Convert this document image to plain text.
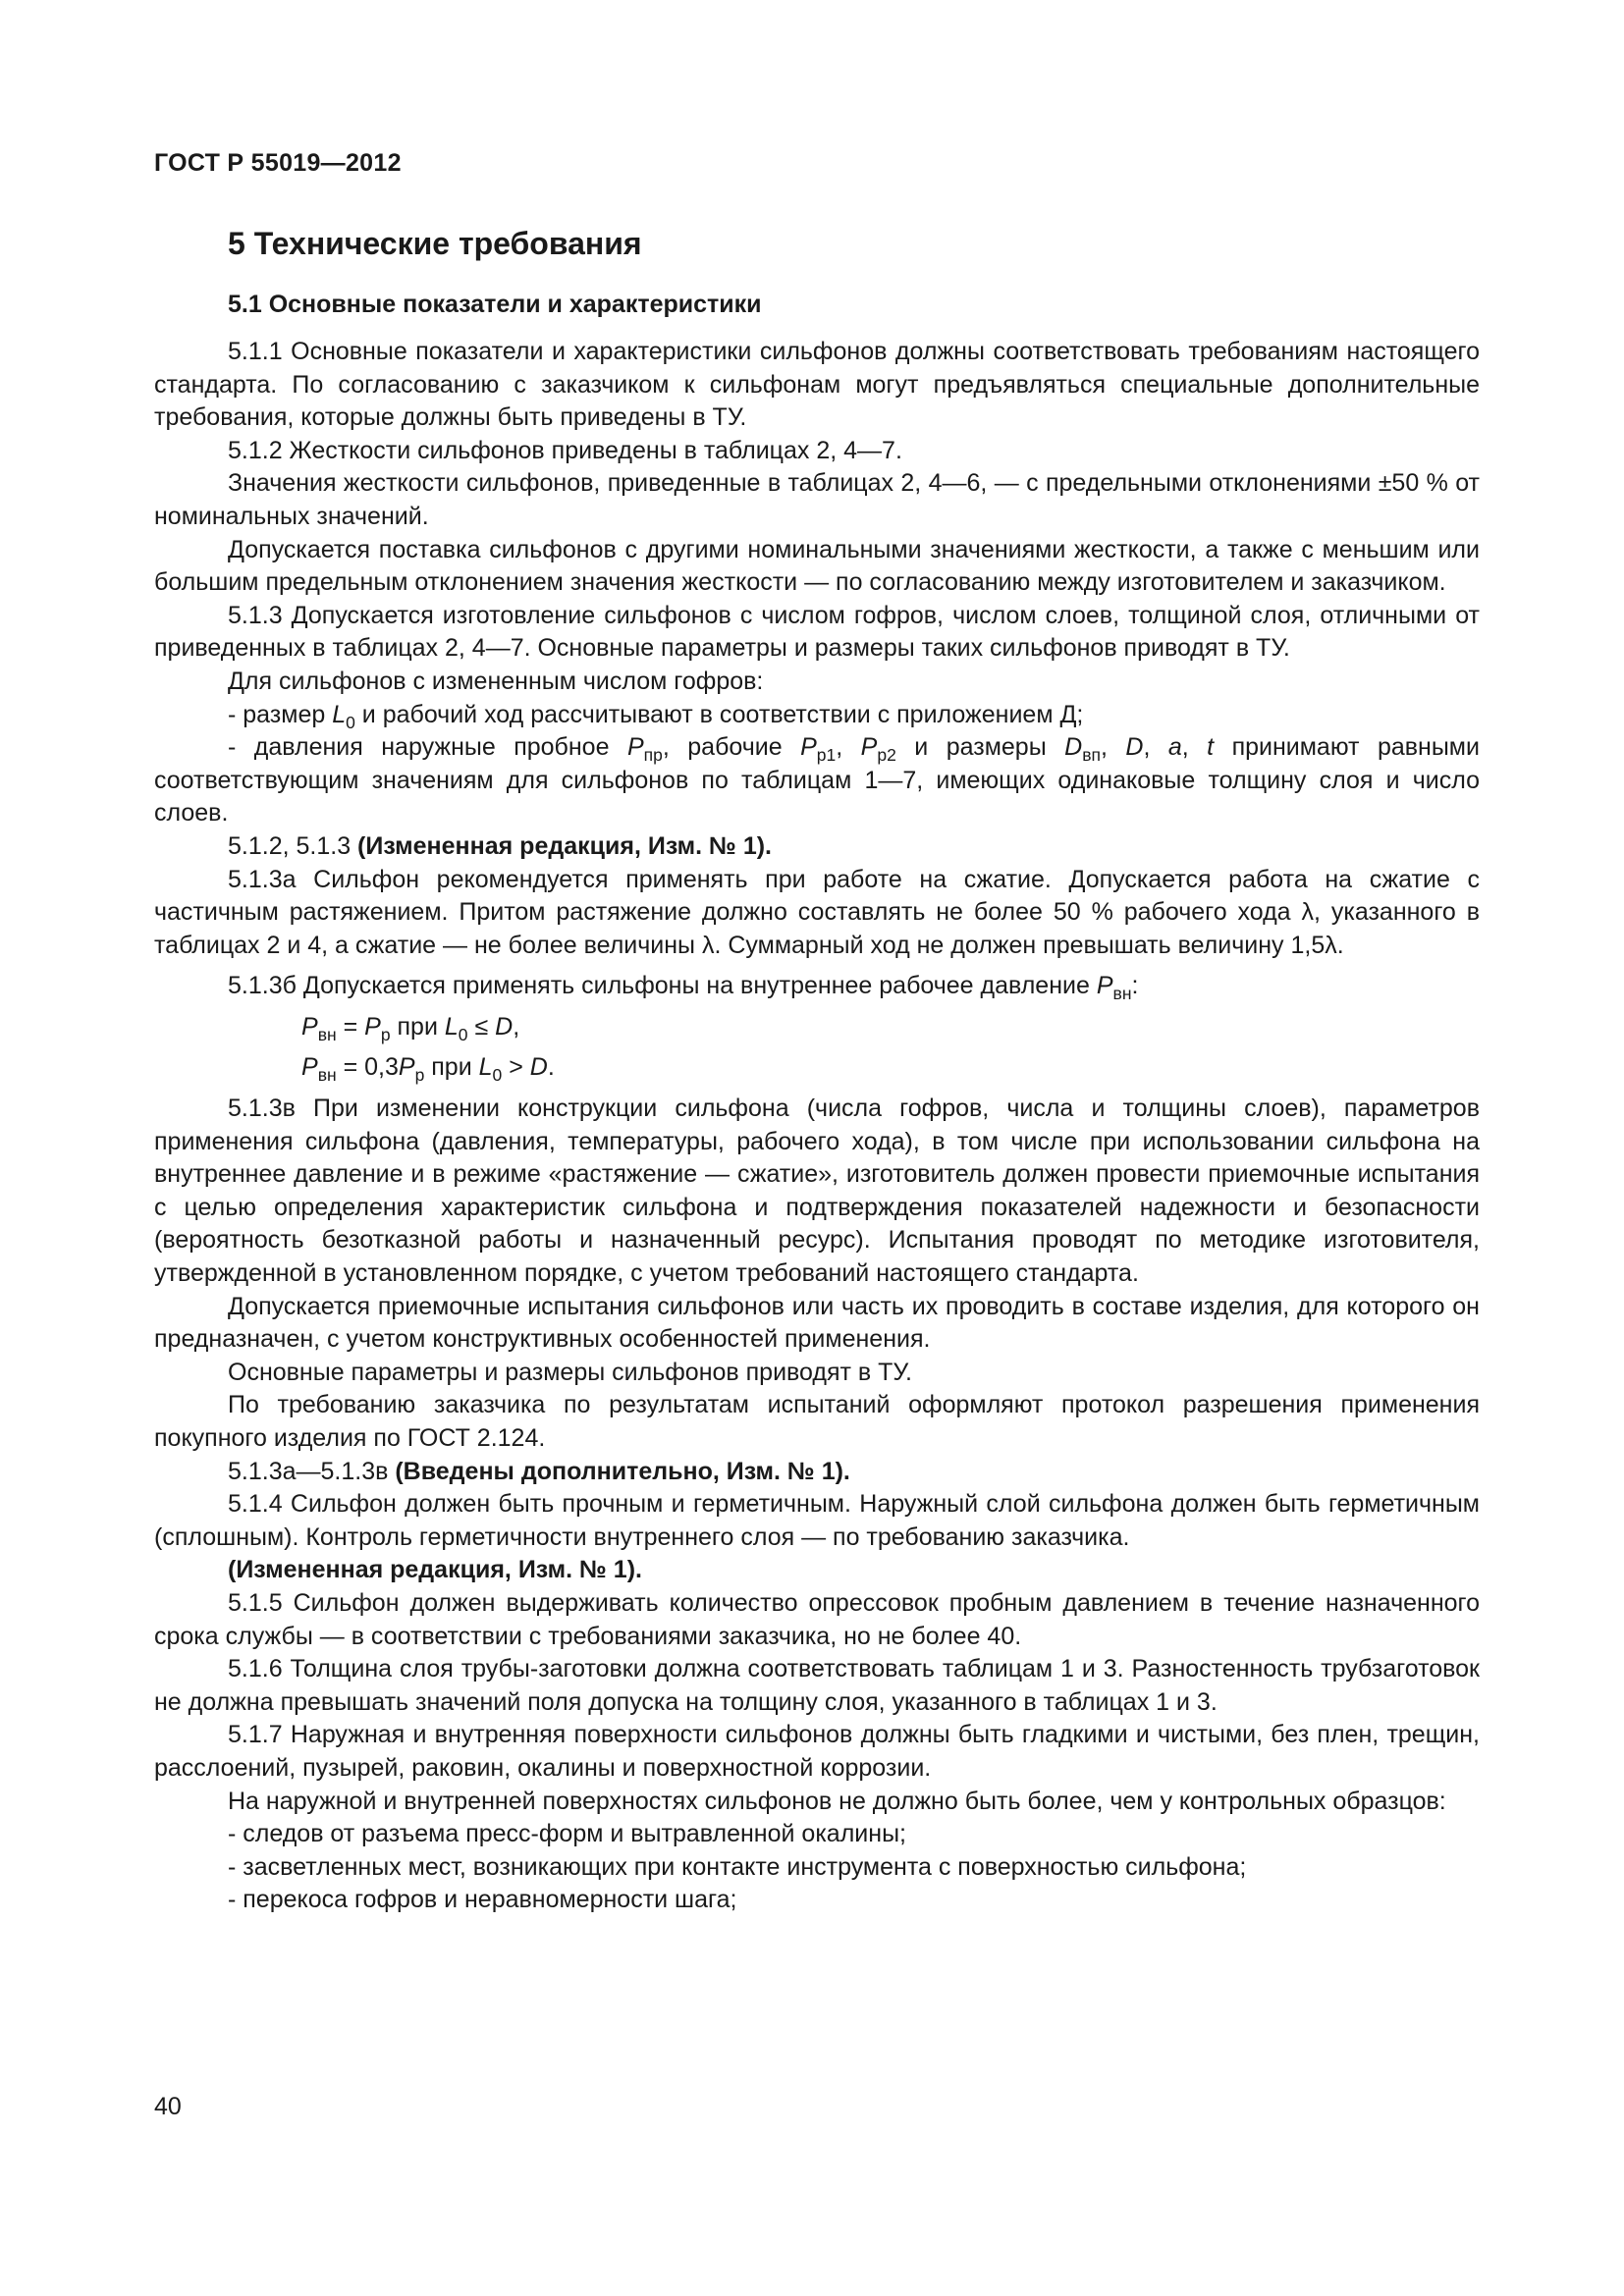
ГОСТ Р 55019—2012
5 Технические требования
5.1 Основные показатели и характеристики

5.1.1 Основные показатели и характеристики сильфонов должны соответствовать требованиям настоящего стандарта. По согласованию с заказчиком к сильфонам могут предъявляться специальные дополнительные требования, которые должны быть приведены в ТУ.

5.1.2 Жесткости сильфонов приведены в таблицах 2, 4—7.

Значения жесткости сильфонов, приведенные в таблицах 2, 4—6, — с предельными отклонениями ±50 % от номинальных значений.

Допускается поставка сильфонов с другими номинальными значениями жесткости, а также с меньшим или большим предельным отклонением значения жесткости — по согласованию между изготовителем и заказчиком.

5.1.3 Допускается изготовление сильфонов с числом гофров, числом слоев, толщиной слоя, отличными от приведенных в таблицах 2, 4—7. Основные параметры и размеры таких сильфонов приводят в ТУ.

Для сильфонов с измененным числом гофров:

- размер $L_0$ и рабочий ход рассчитывают в соответствии с приложением Д;

- давления наружные пробное $P_{пр}$, рабочие $P_{р1}$, $P_{р2}$ и размеры $D_{вп}$, D, a, t принимают равными соответствующим значениям для сильфонов по таблицам 1—7, имеющих одинаковые толщину слоя и число слоев.

5.1.2, 5.1.3 (Измененная редакция, Изм. № 1).

5.1.3а Сильфон рекомендуется применять при работе на сжатие. Допускается работа на сжатие с частичным растяжением. Притом растяжение должно составлять не более 50 % рабочего хода λ, указанного в таблицах 2 и 4, а сжатие — не более величины λ. Суммарный ход не должен превышать величину 1,5λ.

5.1.3б Допускается применять сильфоны на внутреннее рабочее давление $P_{вн}$:

$P_{вн} = P_р$ при $L_0 \le D$,

$P_{вн} = 0,3P_р$ при $L_0 > D$.

5.1.3в При изменении конструкции сильфона (числа гофров, числа и толщины слоев), параметров применения сильфона (давления, температуры, рабочего хода), в том числе при использовании сильфона на внутреннее давление и в режиме «растяжение — сжатие», изготовитель должен провести приемочные испытания с целью определения характеристик сильфона и подтверждения показателей надежности и безопасности (вероятность безотказной работы и назначенный ресурс). Испытания проводят по методике изготовителя, утвержденной в установленном порядке, с учетом требований настоящего стандарта.

Допускается приемочные испытания сильфонов или часть их проводить в составе изделия, для которого он предназначен, с учетом конструктивных особенностей применения.

Основные параметры и размеры сильфонов приводят в ТУ.

По требованию заказчика по результатам испытаний оформляют протокол разрешения применения покупного изделия по ГОСТ 2.124.

5.1.3а—5.1.3в (Введены дополнительно, Изм. № 1).

5.1.4 Сильфон должен быть прочным и герметичным. Наружный слой сильфона должен быть герметичным (сплошным). Контроль герметичности внутреннего слоя — по требованию заказчика.

(Измененная редакция, Изм. № 1).

5.1.5 Сильфон должен выдерживать количество опрессовок пробным давлением в течение назначенного срока службы — в соответствии с требованиями заказчика, но не более 40.

5.1.6 Толщина слоя трубы-заготовки должна соответствовать таблицам 1 и 3. Разностенность трубзаготовок не должна превышать значений поля допуска на толщину слоя, указанного в таблицах 1 и 3.

5.1.7 Наружная и внутренняя поверхности сильфонов должны быть гладкими и чистыми, без плен, трещин, расслоений, пузырей, раковин, окалины и поверхностной коррозии.

На наружной и внутренней поверхностях сильфонов не должно быть более, чем у контрольных образцов:

- следов от разъема пресс-форм и вытравленной окалины;

- засветленных мест, возникающих при контакте инструмента с поверхностью сильфона;

- перекоса гофров и неравномерности шага;

40
